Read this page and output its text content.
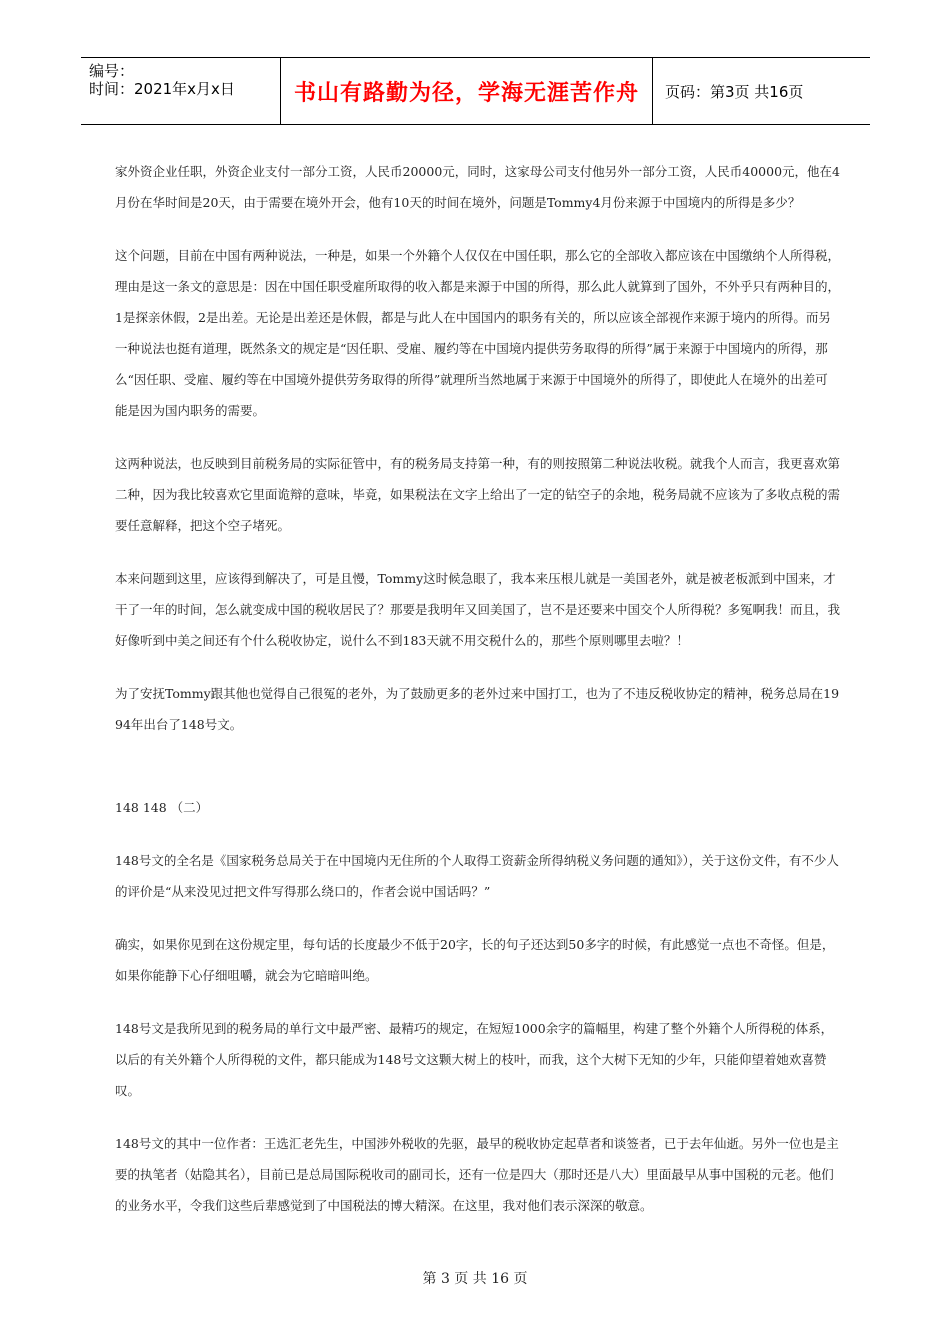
编号：
时间：2021年x月x日	书山有路勤为径，学海无涯苦作舟	页码：第3页 共16页

家外资企业任职，外资企业支付一部分工资，人民币20000元，同时，这家母公司支付他另外一部分工资，人民币40000元，他在4月份在华时间是20天，由于需要在境外开会，他有10天的时间在境外，问题是Tommy4月份来源于中国境内的所得是多少？

这个问题，目前在中国有两种说法，一种是，如果一个外籍个人仅仅在中国任职，那么它的全部收入都应该在中国缴纳个人所得税，理由是这一条文的意思是：因在中国任职受雇所取得的收入都是来源于中国的所得，那么此人就算到了国外，不外乎只有两种目的，1是探亲休假，2是出差。无论是出差还是休假，都是与此人在中国国内的职务有关的，所以应该全部视作来源于境内的所得。而另一种说法也挺有道理，既然条文的规定是“因任职、受雇、履约等在中国境内提供劳务取得的所得”属于来源于中国境内的所得，那么“因任职、受雇、履约等在中国境外提供劳务取得的所得”就理所当然地属于来源于中国境外的所得了，即使此人在境外的出差可能是因为国内职务的需要。

这两种说法，也反映到目前税务局的实际征管中，有的税务局支持第一种，有的则按照第二种说法收税。就我个人而言，我更喜欢第二种，因为我比较喜欢它里面诡辩的意味，毕竟，如果税法在文字上给出了一定的钻空子的余地，税务局就不应该为了多收点税的需要任意解释，把这个空子堵死。

本来问题到这里，应该得到解决了，可是且慢，Tommy这时候急眼了，我本来压根儿就是一美国老外，就是被老板派到中国来，才干了一年的时间，怎么就变成中国的税收居民了？那要是我明年又回美国了，岂不是还要来中国交个人所得税？多冤啊我！而且，我好像听到中美之间还有个什么税收协定，说什么不到183天就不用交税什么的，那些个原则哪里去啦？！

为了安抚Tommy跟其他也觉得自己很冤的老外，为了鼓励更多的老外过来中国打工，也为了不违反税收协定的精神，税务总局在1994年出台了148号文。

148 148 （二）

148号文的全名是《国家税务总局关于在中国境内无住所的个人取得工资薪金所得纳税义务问题的通知》），关于这份文件，有不少人的评价是“从来没见过把文件写得那么绕口的，作者会说中国话吗？”

确实，如果你见到在这份规定里，每句话的长度最少不低于20字，长的句子还达到50多字的时候，有此感觉一点也不奇怪。但是，如果你能静下心仔细咀嚼，就会为它暗暗叫绝。

148号文是我所见到的税务局的单行文中最严密、最精巧的规定，在短短1000余字的篇幅里，构建了整个外籍个人所得税的体系，以后的有关外籍个人所得税的文件，都只能成为148号文这颗大树上的枝叶，而我，这个大树下无知的少年，只能仰望着她欢喜赞叹。

148号文的其中一位作者：王选汇老先生，中国涉外税收的先驱，最早的税收协定起草者和谈签者，已于去年仙逝。另外一位也是主要的执笔者（姑隐其名），目前已是总局国际税收司的副司长，还有一位是四大（那时还是八大）里面最早从事中国税的元老。他们的业务水平，令我们这些后辈感觉到了中国税法的博大精深。在这里，我对他们表示深深的敬意。

第 3 页 共 16 页
